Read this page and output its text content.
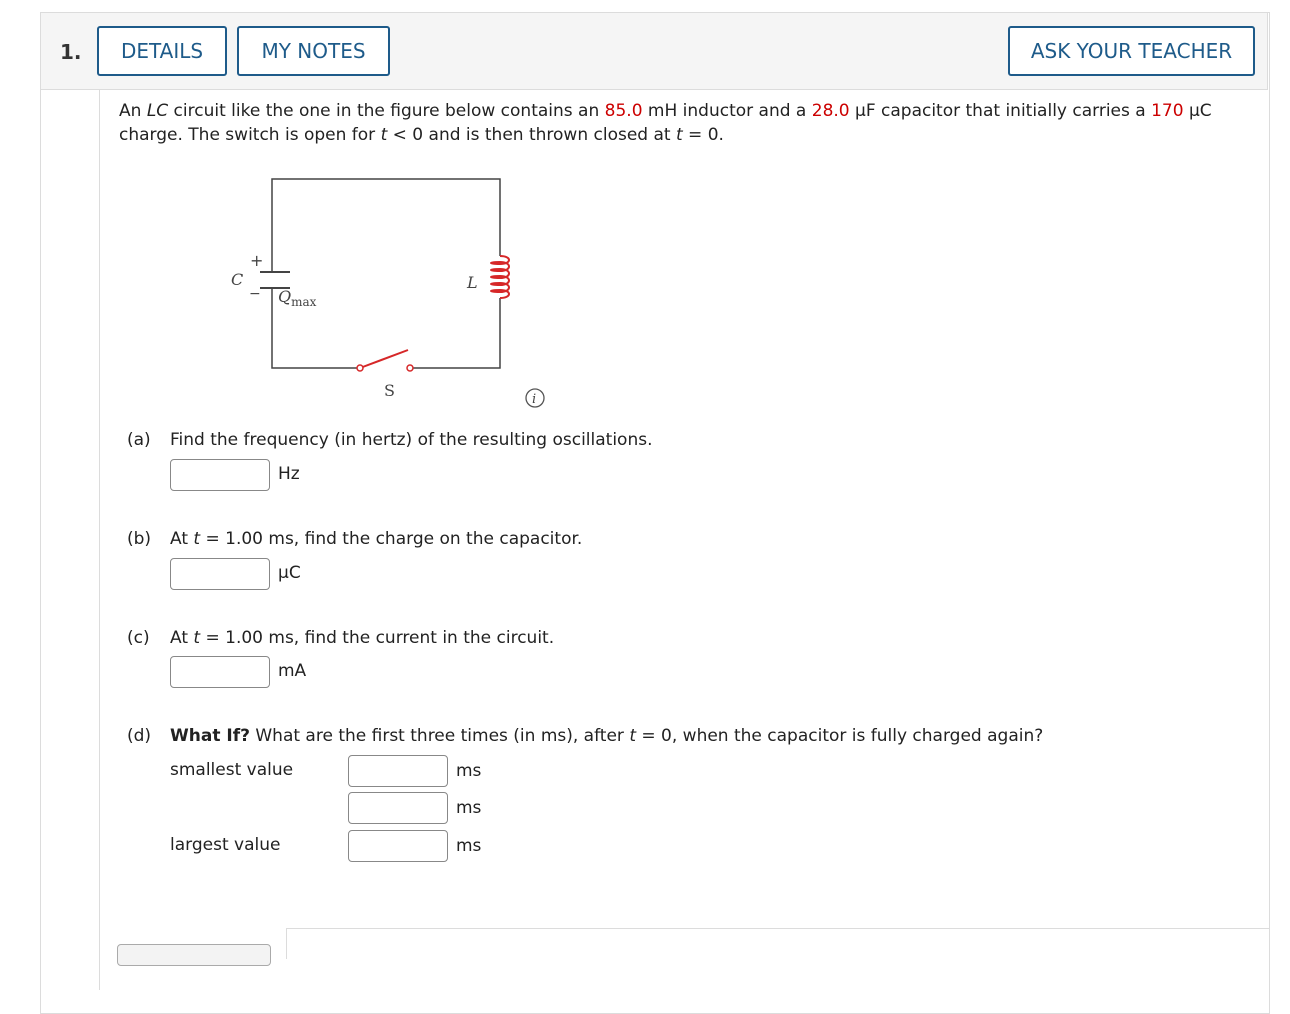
1.	DETAILS	MY NOTES	ASK YOUR TEACHER
An LC circuit like the one in the figure below contains an 85.0 mH inductor and a 28.0 μF capacitor that initially carries a 170 μC charge. The switch is open for t < 0 and is then thrown closed at t = 0.
C
+
− $Q_{max}$
L
S	i
(a) Find the frequency (in hertz) of the resulting oscillations.
Hz
(b) At t = 1.00 ms, find the charge on the capacitor.
μC
(c) At t = 1.00 ms, find the current in the circuit.
mA
(d) What If? What are the first three times (in ms), after t = 0, when the capacitor is fully charged again?
smallest value	ms
ms
largest value	ms
